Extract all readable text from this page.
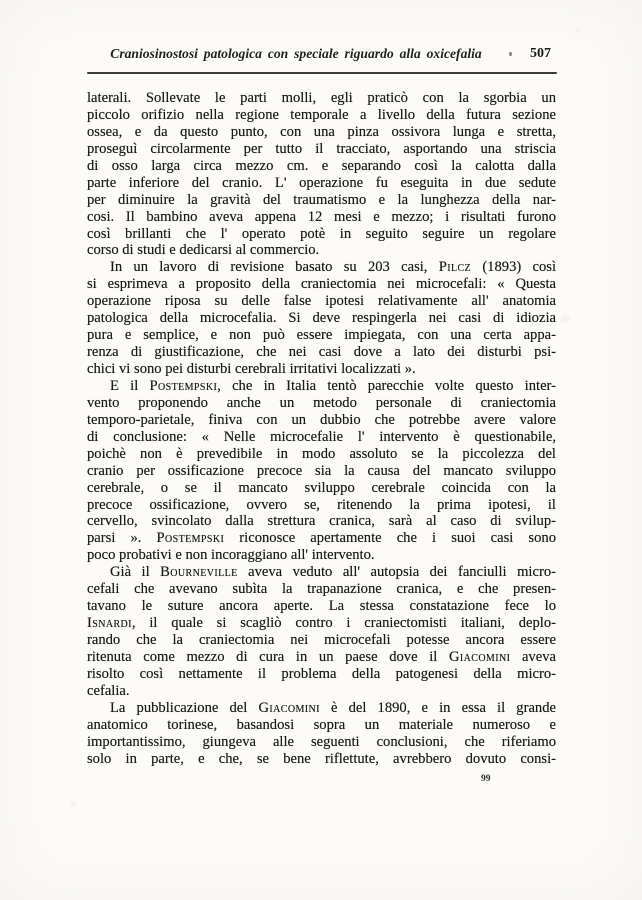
Craniosinostosi patologica con speciale riguardo alla oxicefalia	507
laterali. Sollevate le parti molli, egli praticò con la sgorbia un
piccolo orifizio nella regione temporale a livello della futura sezione
ossea, e da questo punto, con una pinza ossivora lunga e stretta,
proseguì circolarmente per tutto il tracciato, asportando una striscia
di osso larga circa mezzo cm. e separando così la calotta dalla
parte inferiore del cranio. L' operazione fu eseguita in due sedute
per diminuire la gravità del traumatismo e la lunghezza della nar-
cosi. Il bambino aveva appena 12 mesi e mezzo; i risultati furono
così brillanti che l' operato potè in seguito seguire un regolare
corso di studi e dedicarsi al commercio.
In un lavoro di revisione basato su 203 casi, Pilcz (1893) così
si esprimeva a proposito della craniectomia nei microcefali: « Questa
operazione riposa su delle false ipotesi relativamente all' anatomia
patologica della microcefalia. Si deve respingerla nei casi di idiozia
pura e semplice, e non può essere impiegata, con una certa appa-
renza di giustificazione, che nei casi dove a lato dei disturbi psi-
chici vi sono pei disturbi cerebrali irritativi localizzati ».
E il Postempski, che in Italia tentò parecchie volte questo inter-
vento proponendo anche un metodo personale di craniectomia
temporo-parietale, finiva con un dubbio che potrebbe avere valore
di conclusione: « Nelle microcefalie l' intervento è questionabile,
poichè non è prevedibile in modo assoluto se la piccolezza del
cranio per ossificazione precoce sia la causa del mancato sviluppo
cerebrale, o se il mancato sviluppo cerebrale coincida con la
precoce ossificazione, ovvero se, ritenendo la prima ipotesi, il
cervello, svincolato dalla strettura cranica, sarà al caso di svilup-
parsi ». Postempski riconosce apertamente che i suoi casi sono
poco probativi e non incoraggiano all' intervento.
Già il Bourneville aveva veduto all' autopsia dei fanciulli micro-
cefali che avevano subìta la trapanazione cranica, e che presen-
tavano le suture ancora aperte. La stessa constatazione fece lo
Isnardi, il quale si scagliò contro i craniectomisti italiani, deplo-
rando che la craniectomia nei microcefali potesse ancora essere
ritenuta come mezzo di cura in un paese dove il Giacomini aveva
risolto così nettamente il problema della patogenesi della micro-
cefalia.
La pubblicazione del Giacomini è del 1890, e in essa il grande
anatomico torinese, basandosi sopra un materiale numeroso e
importantissimo, giungeva alle seguenti conclusioni, che riferiamo
solo in parte, e che, se bene riflettute, avrebbero dovuto consi-
99
